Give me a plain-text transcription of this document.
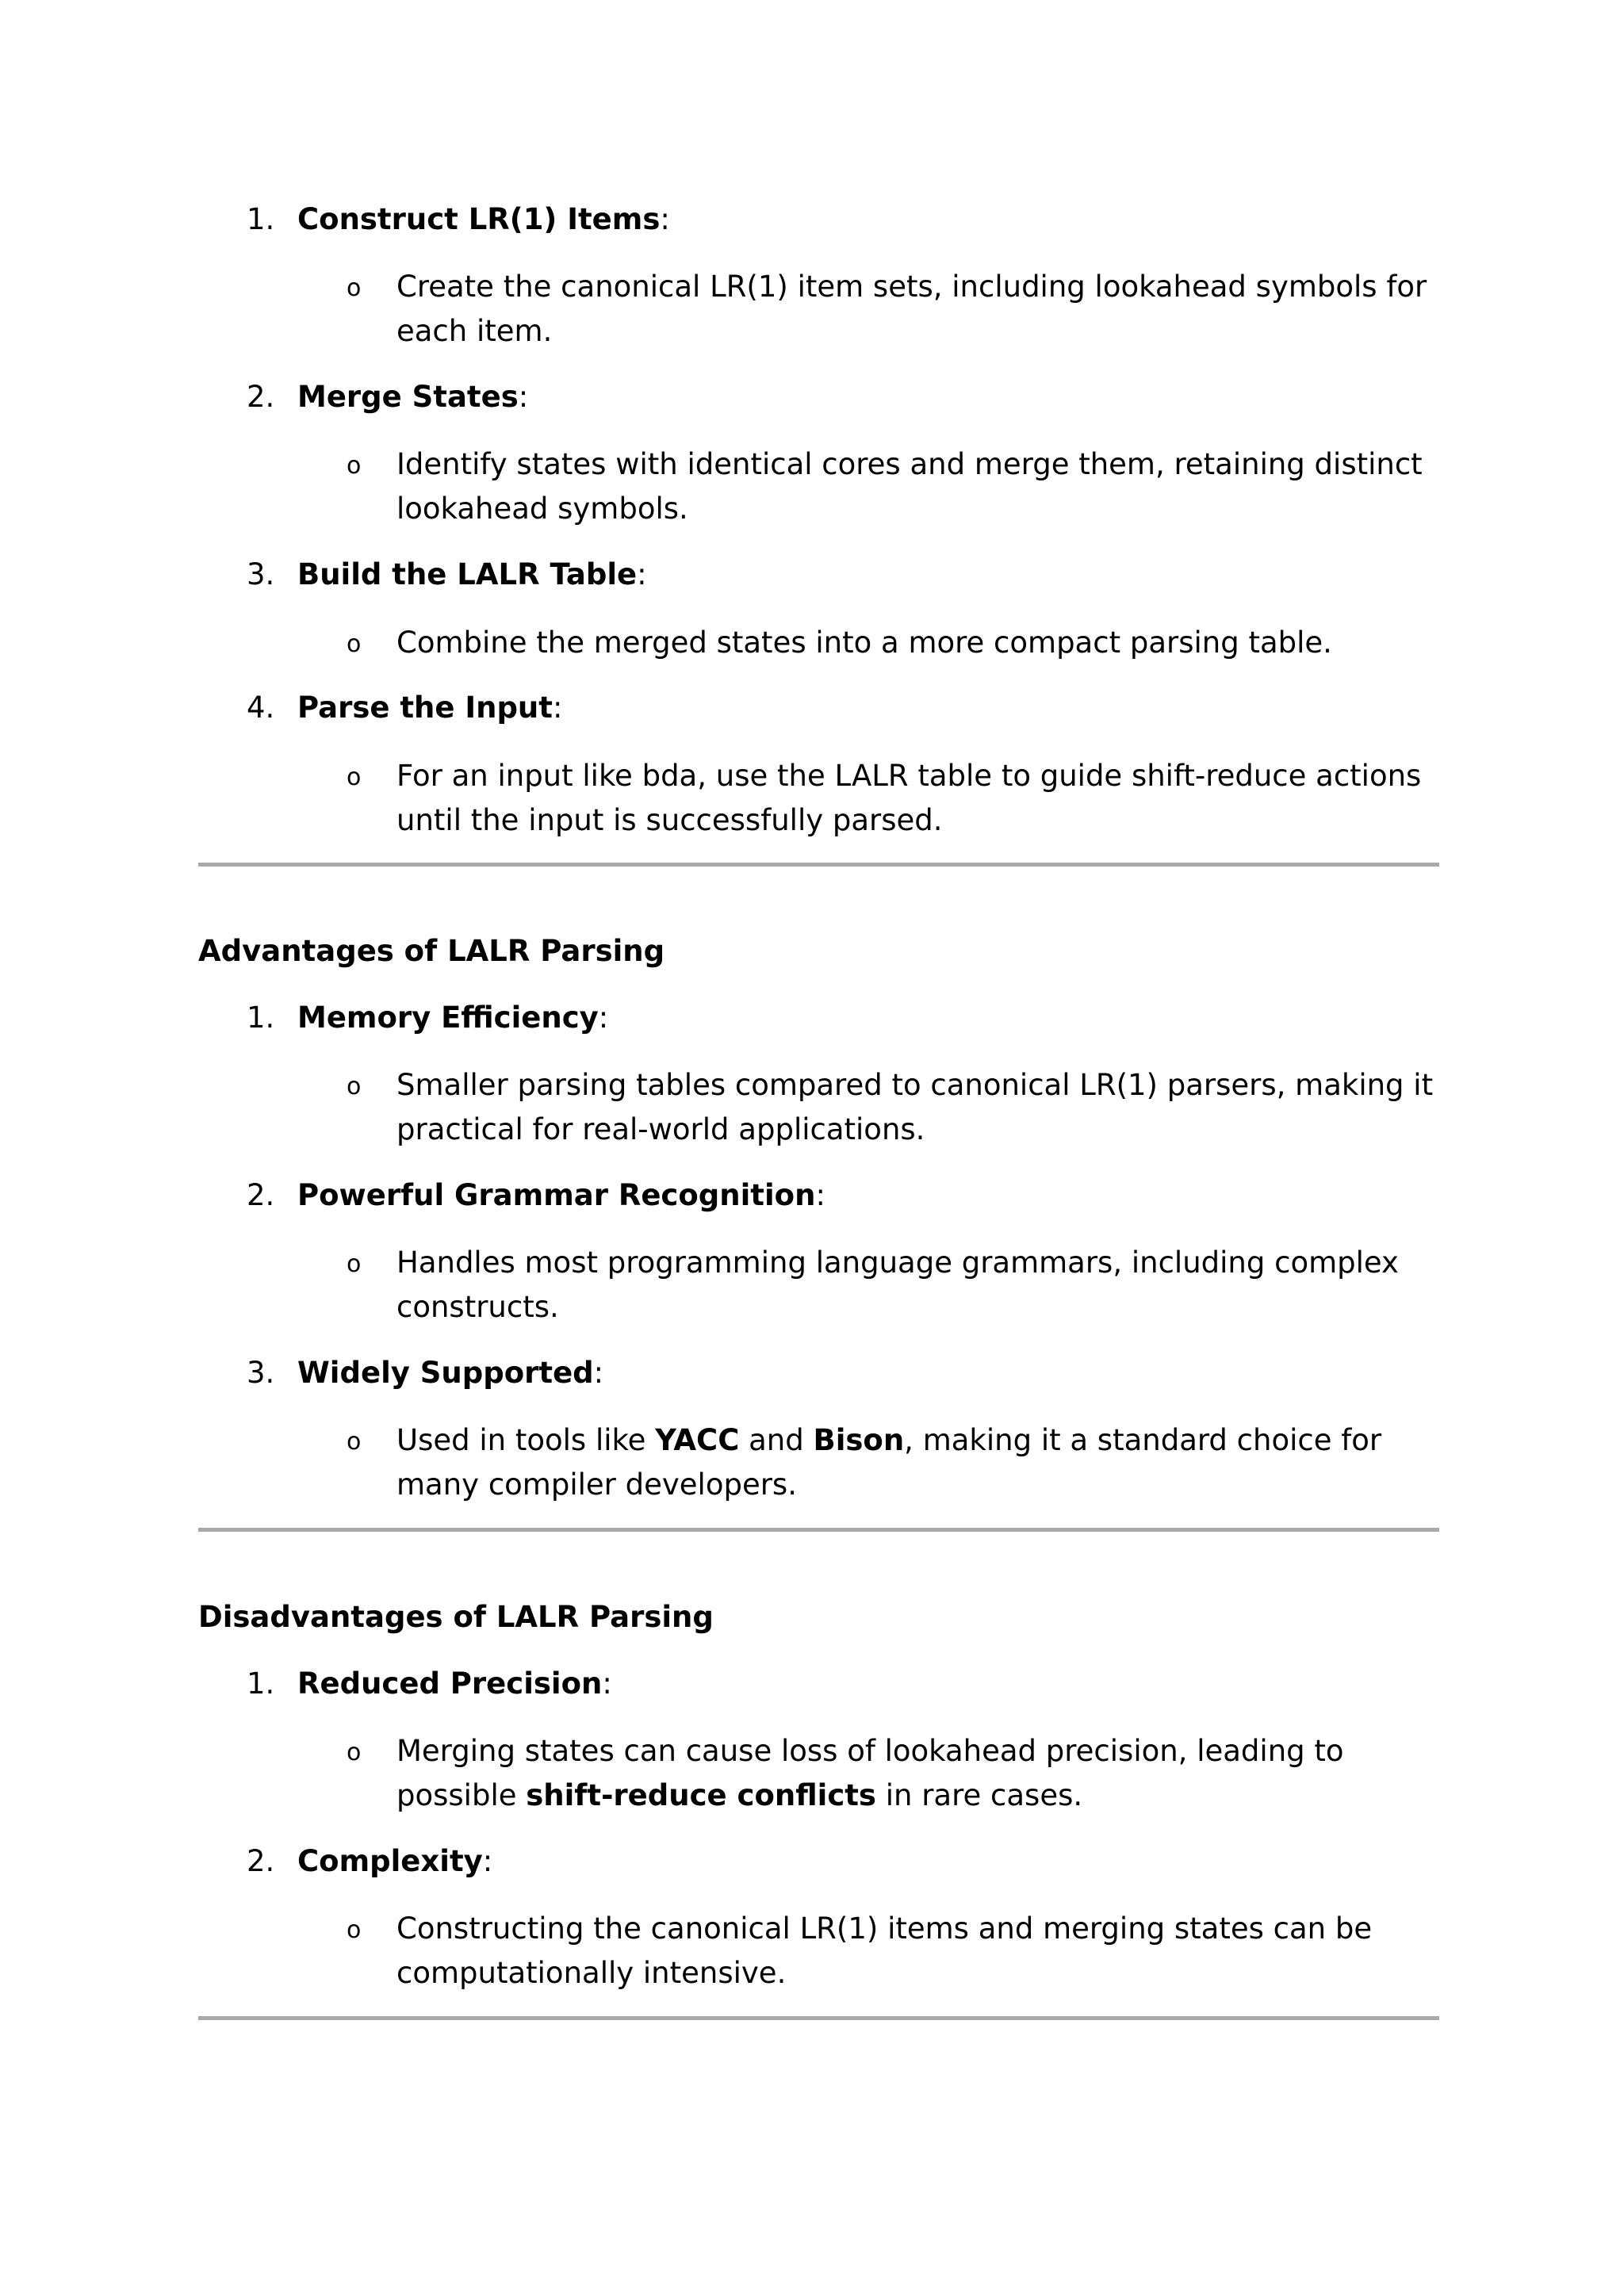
1. Construct LR(1) Items:
o Create the canonical LR(1) item sets, including lookahead symbols for each item.
2. Merge States:
o Identify states with identical cores and merge them, retaining distinct lookahead symbols.
3. Build the LALR Table:
o Combine the merged states into a more compact parsing table.
4. Parse the Input:
o For an input like bda, use the LALR table to guide shift-reduce actions until the input is successfully parsed.
Advantages of LALR Parsing
1. Memory Efficiency:
o Smaller parsing tables compared to canonical LR(1) parsers, making it practical for real-world applications.
2. Powerful Grammar Recognition:
o Handles most programming language grammars, including complex constructs.
3. Widely Supported:
o Used in tools like YACC and Bison, making it a standard choice for many compiler developers.
Disadvantages of LALR Parsing
1. Reduced Precision:
o Merging states can cause loss of lookahead precision, leading to possible shift-reduce conflicts in rare cases.
2. Complexity:
o Constructing the canonical LR(1) items and merging states can be computationally intensive.
